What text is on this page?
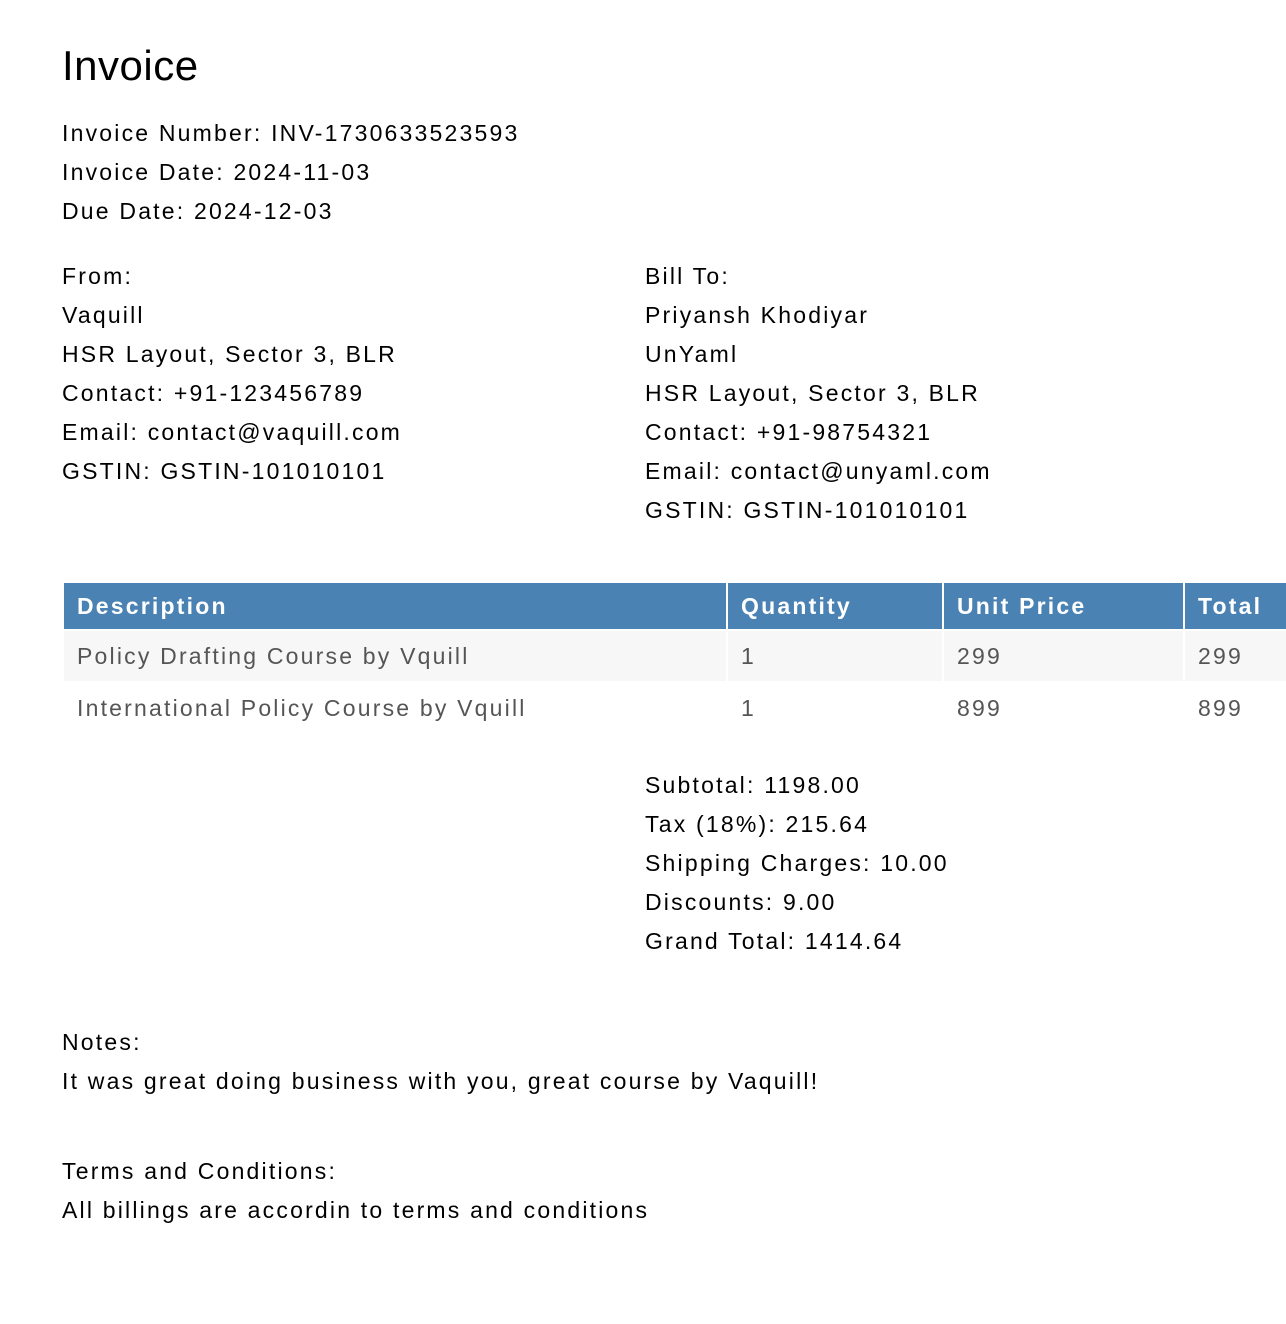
Invoice
Invoice Number: INV-1730633523593
Invoice Date: 2024-11-03
Due Date: 2024-12-03
From:
Vaquill
HSR Layout, Sector 3, BLR
Contact: +91-123456789
Email: contact@vaquill.com
GSTIN: GSTIN-101010101
Bill To:
Priyansh Khodiyar
UnYaml
HSR Layout, Sector 3, BLR
Contact: +91-98754321
Email: contact@unyaml.com
GSTIN: GSTIN-101010101
Description	Quantity	Unit Price	Total
Policy Drafting Course by Vquill	1	299	299
International Policy Course by Vquill	1	899	899
Subtotal: 1198.00
Tax (18%): 215.64
Shipping Charges: 10.00
Discounts: 9.00
Grand Total: 1414.64
Notes:
It was great doing business with you, great course by Vaquill!
Terms and Conditions:
All billings are accordin to terms and conditions
